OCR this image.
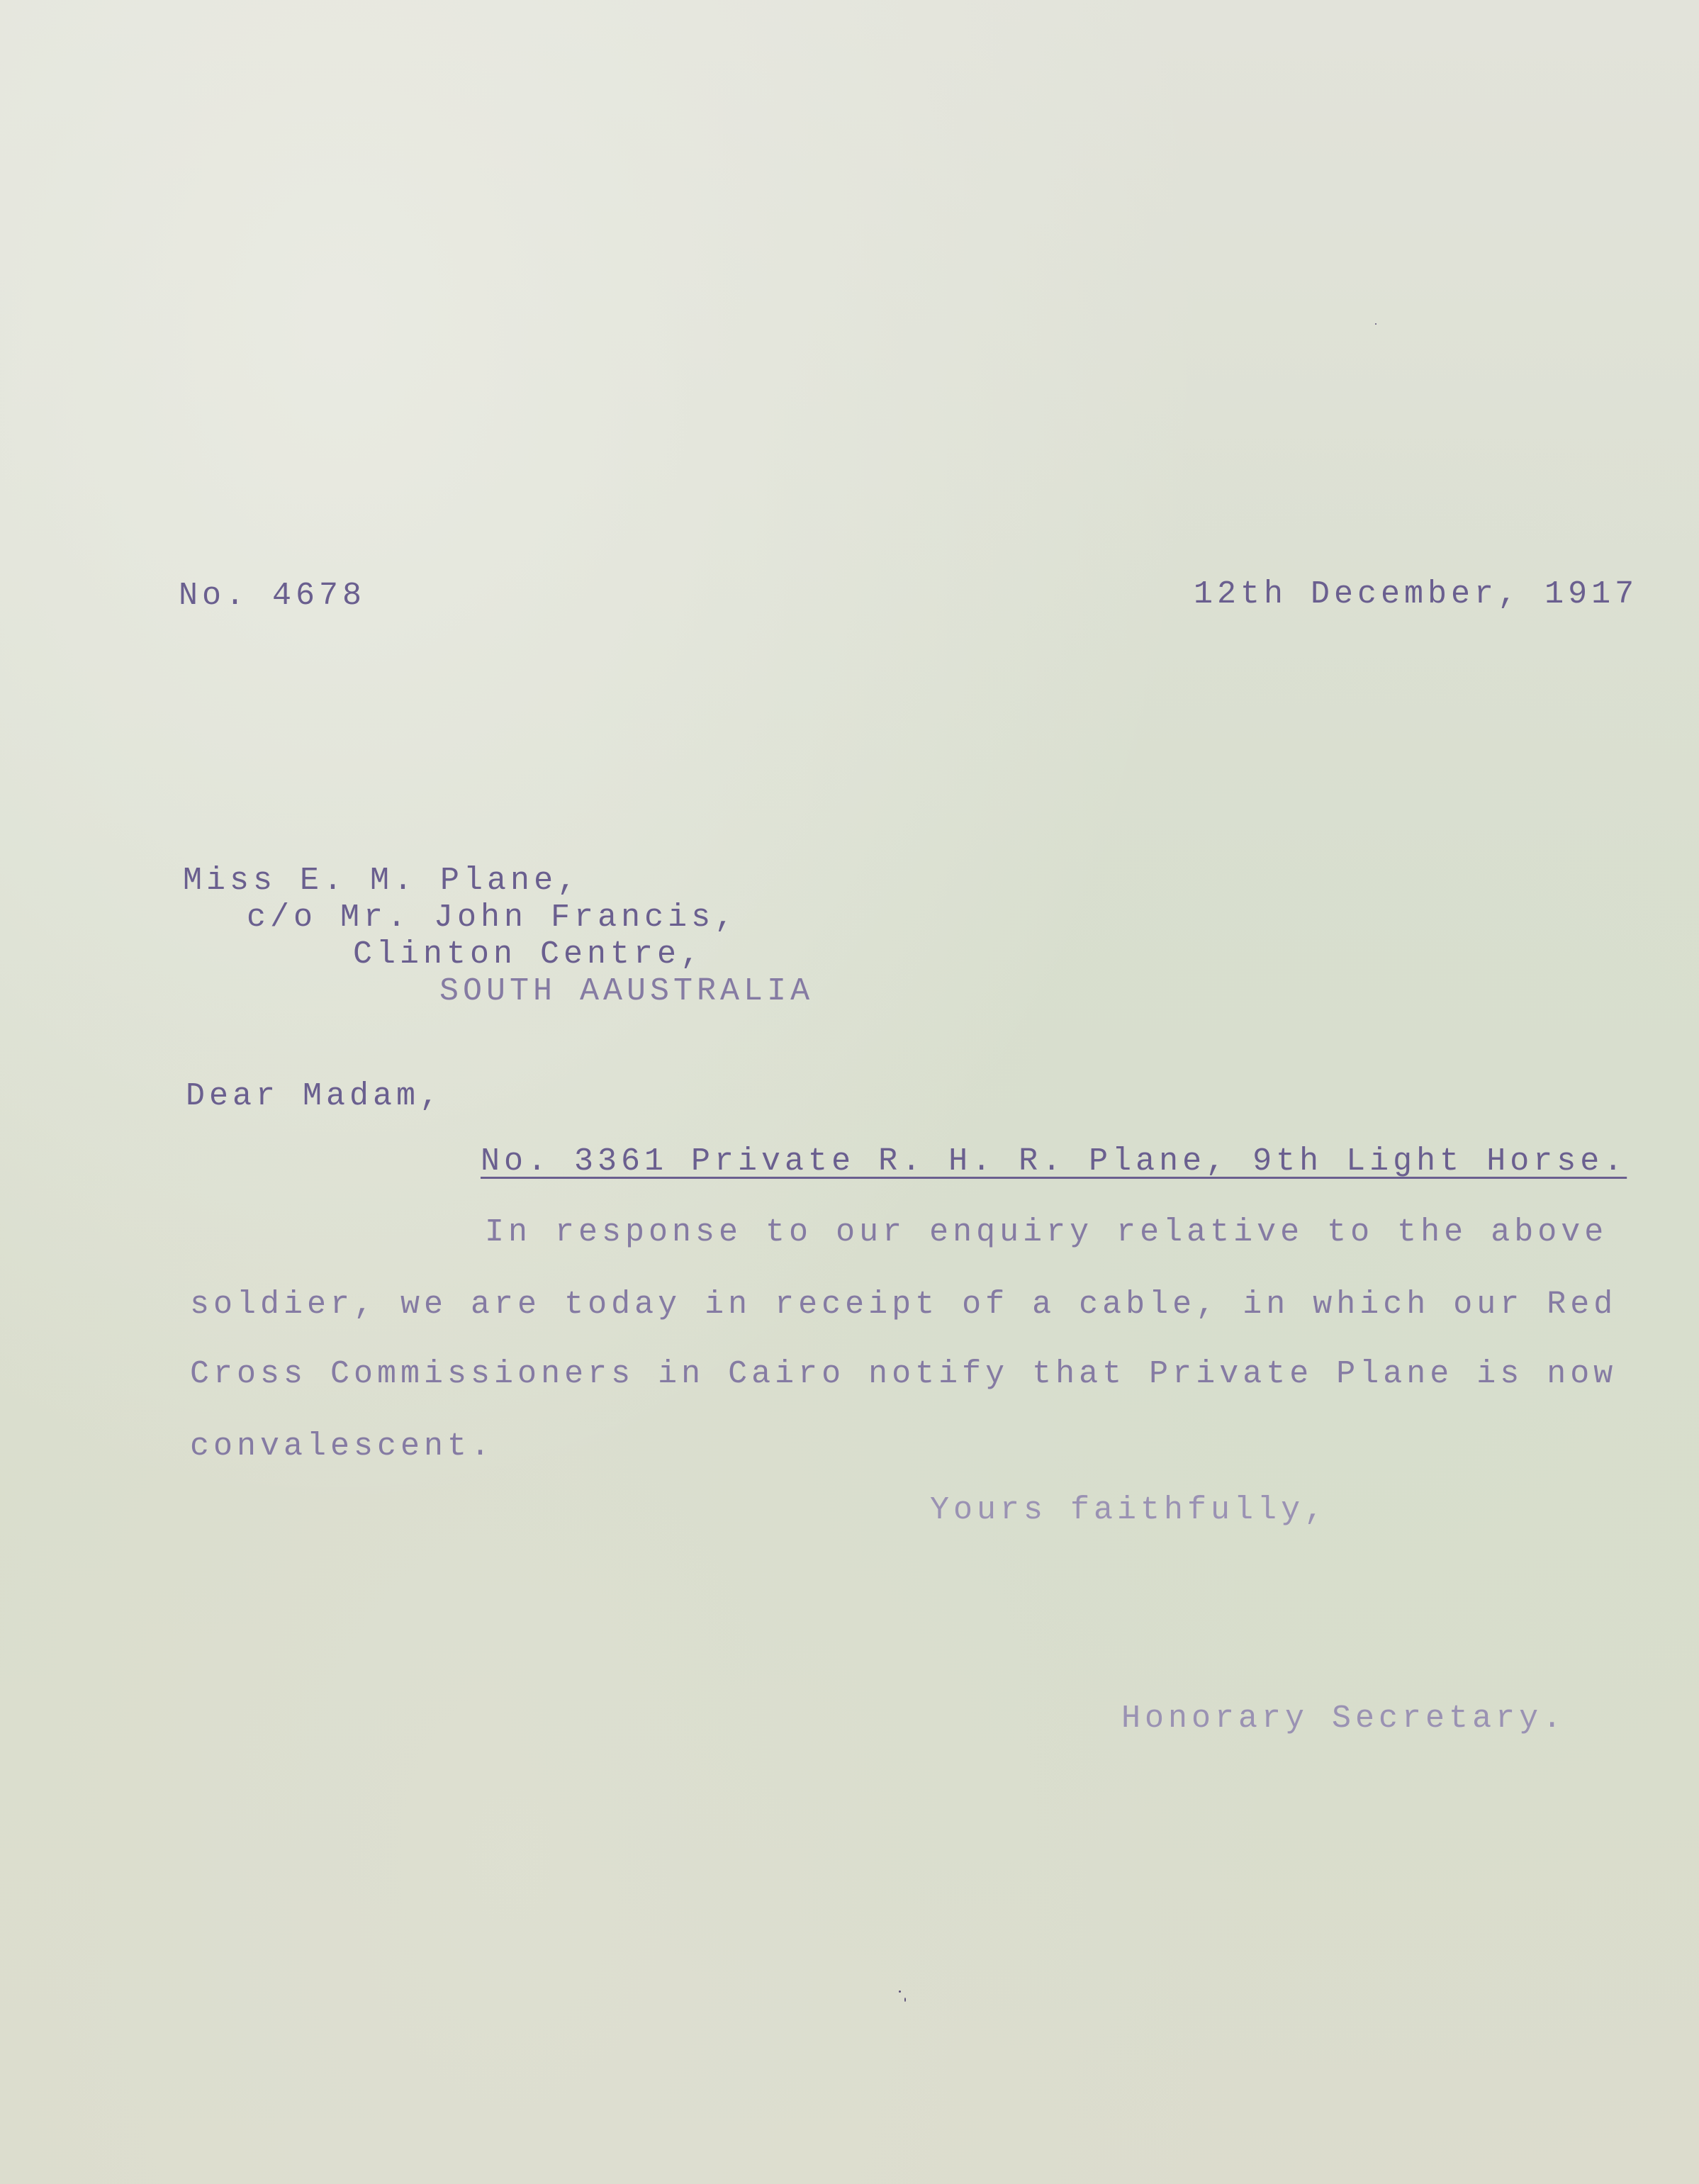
No. 4678	12th December, 1917
Miss E. M. Plane,
c/o Mr. John Francis,
Clinton Centre,
SOUTH AAUSTRALIA
Dear Madam,
No. 3361 Private R. H. R. Plane, 9th Light Horse.
In response to our enquiry relative to the above
soldier, we are today in receipt of a cable, in which our Red
Cross Commissioners in Cairo notify that Private Plane is now
convalescent.
Yours faithfully,
Honorary Secretary.
